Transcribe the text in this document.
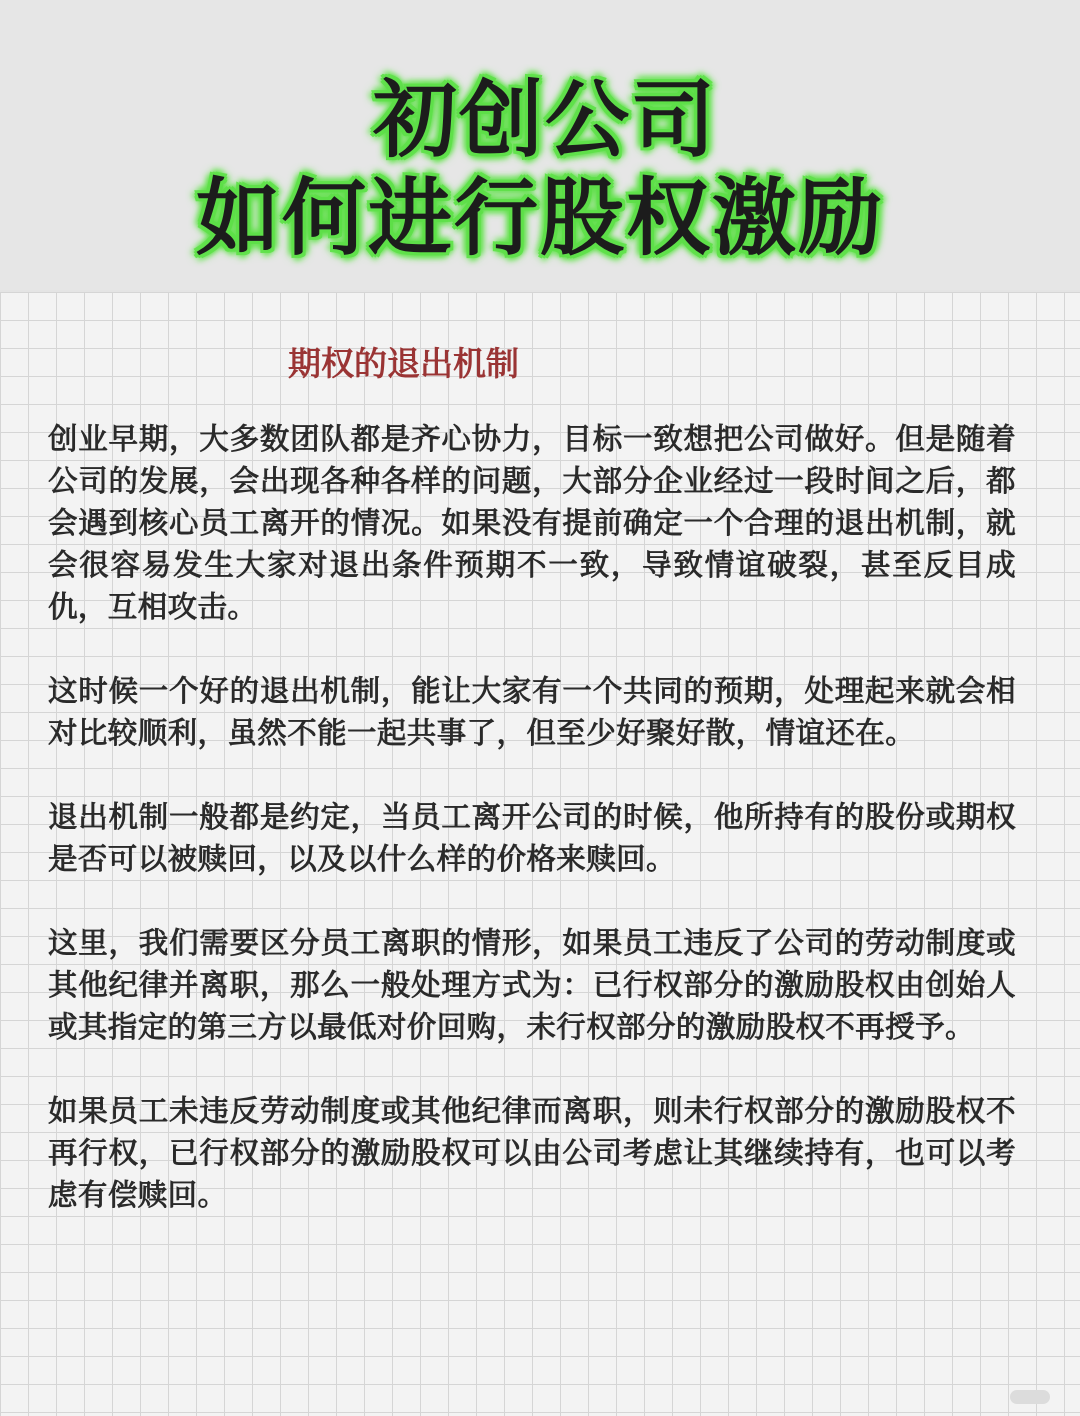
初创公司
如何进行股权激励
期权的退出机制

创业早期，大多数团队都是齐心协力，目标一致想把公司做好。但是随着公司的发展，会出现各种各样的问题，大部分企业经过一段时间之后，都会遇到核心员工离开的情况。如果没有提前确定一个合理的退出机制，就会很容易发生大家对退出条件预期不一致，导致情谊破裂，甚至反目成仇，互相攻击。

这时候一个好的退出机制，能让大家有一个共同的预期，处理起来就会相对比较顺利，虽然不能一起共事了，但至少好聚好散，情谊还在。

退出机制一般都是约定，当员工离开公司的时候，他所持有的股份或期权是否可以被赎回，以及以什么样的价格来赎回。

这里，我们需要区分员工离职的情形，如果员工违反了公司的劳动制度或其他纪律并离职，那么一般处理方式为：已行权部分的激励股权由创始人或其指定的第三方以最低对价回购，未行权部分的激励股权不再授予。

如果员工未违反劳动制度或其他纪律而离职，则未行权部分的激励股权不再行权，已行权部分的激励股权可以由公司考虑让其继续持有，也可以考虑有偿赎回。
